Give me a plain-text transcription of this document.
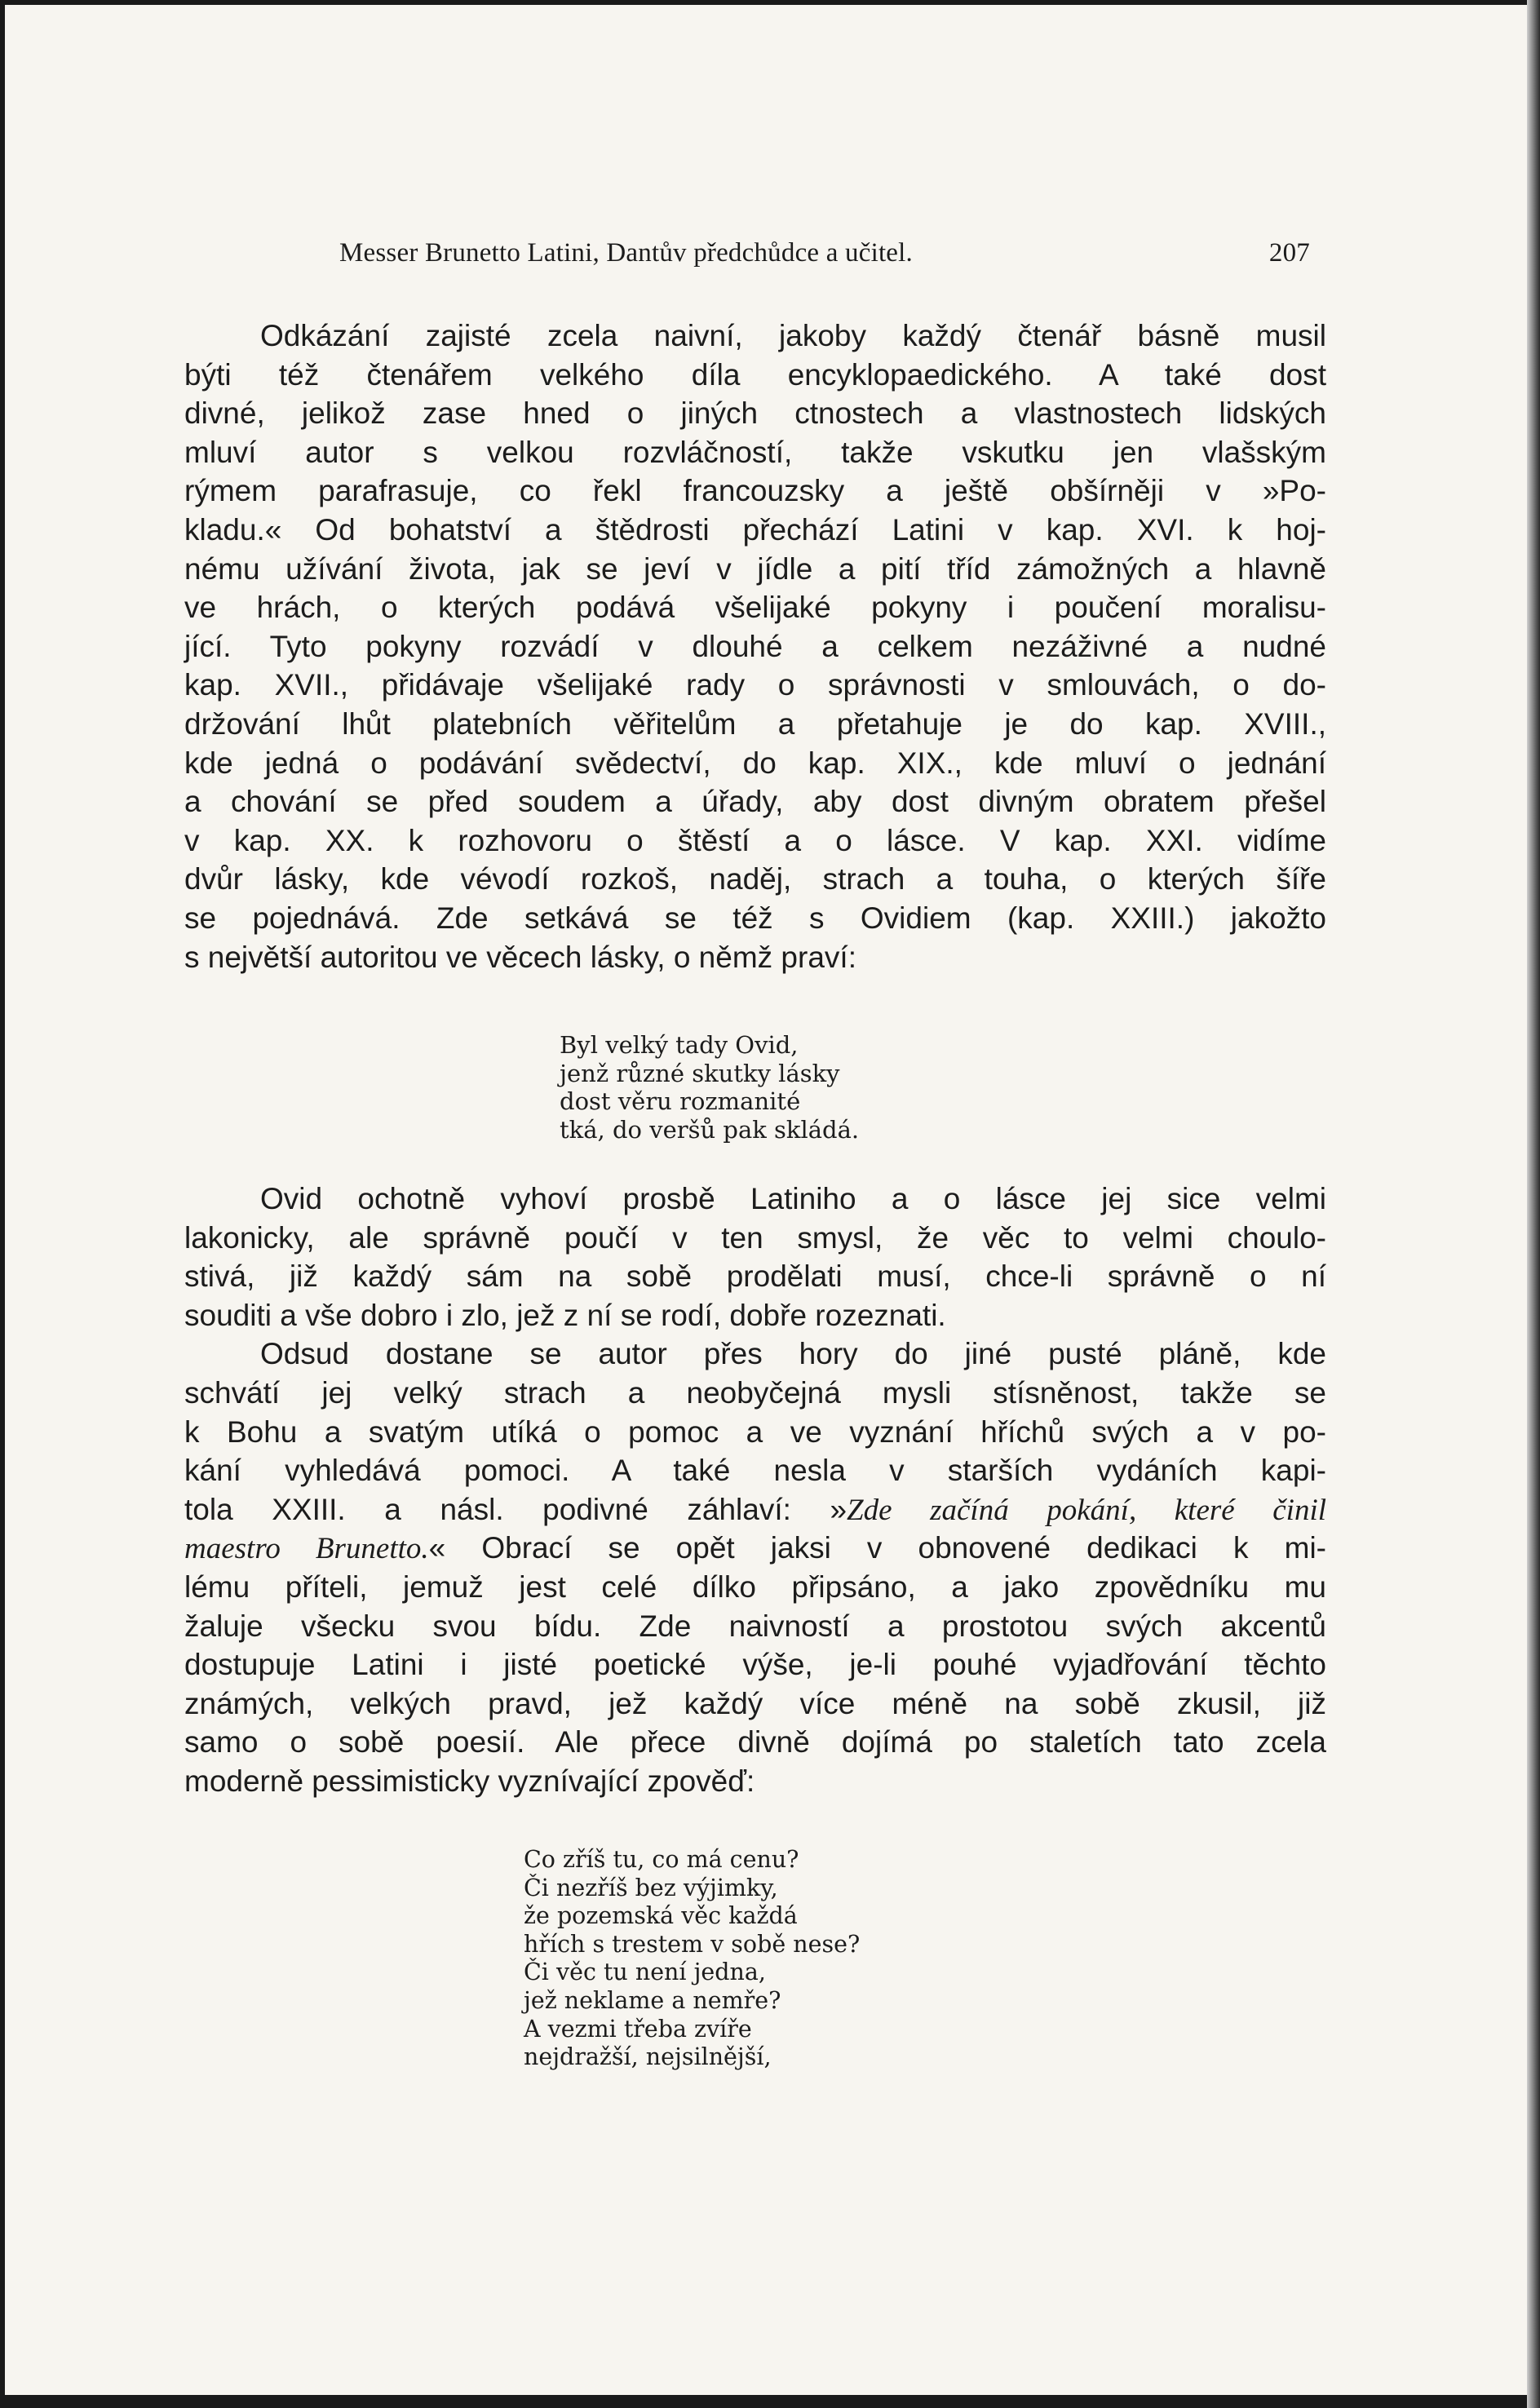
Messer Brunetto Latini, Dantův předchůdce a učitel.	207
Odkázání zajisté zcela naivní, jakoby každý čtenář básně musil
býti též čtenářem velkého díla encyklopaedického. A také dost
divné, jelikož zase hned o jiných ctnostech a vlastnostech lidských
mluví autor s velkou rozvláčností, takže vskutku jen vlašským
rýmem parafrasuje, co řekl francouzsky a ještě obšírněji v »Po-
kladu.« Od bohatství a štědrosti přechází Latini v kap. XVI. k hoj-
nému užívání života, jak se jeví v jídle a pití tříd zámožných a hlavně
ve hrách, o kterých podává všelijaké pokyny i poučení moralisu-
jící. Tyto pokyny rozvádí v dlouhé a celkem nezáživné a nudné
kap. XVII., přidávaje všelijaké rady o správnosti v smlouvách, o do-
držování lhůt platebních věřitelům a přetahuje je do kap. XVIII.,
kde jedná o podávání svědectví, do kap. XIX., kde mluví o jednání
a chování se před soudem a úřady, aby dost divným obratem přešel
v kap. XX. k rozhovoru o štěstí a o lásce. V kap. XXI. vidíme
dvůr lásky, kde vévodí rozkoš, naděj, strach a touha, o kterých šíře
se pojednává. Zde setkává se též s Ovidiem (kap. XXIII.) jakožto
s největší autoritou ve věcech lásky, o němž praví:
Byl velký tady Ovid,
jenž různé skutky lásky
dost věru rozmanité
tká, do veršů pak skládá.
Ovid ochotně vyhoví prosbě Latiniho a o lásce jej sice velmi
lakonicky, ale správně poučí v ten smysl, že věc to velmi choulo-
stivá, již každý sám na sobě prodělati musí, chce-li správně o ní
souditi a vše dobro i zlo, jež z ní se rodí, dobře rozeznati.
Odsud dostane se autor přes hory do jiné pusté pláně, kde
schvátí jej velký strach a neobyčejná mysli stísněnost, takže se
k Bohu a svatým utíká o pomoc a ve vyznání hříchů svých a v po-
kání vyhledává pomoci. A také nesla v starších vydáních kapi-
tola XXIII. a násl. podivné záhlaví: »Zde začíná pokání, které činil
maestro Brunetto.« Obrací se opět jaksi v obnovené dedikaci k mi-
lému příteli, jemuž jest celé dílko připsáno, a jako zpovědníku mu
žaluje všecku svou bídu. Zde naivností a prostotou svých akcentů
dostupuje Latini i jisté poetické výše, je-li pouhé vyjadřování těchto
známých, velkých pravd, jež každý více méně na sobě zkusil, již
samo o sobě poesií. Ale přece divně dojímá po staletích tato zcela
moderně pessimisticky vyznívající zpověď:
Co zříš tu, co má cenu?
Či nezříš bez výjimky,
že pozemská věc každá
hřích s trestem v sobě nese?
Či věc tu není jedna,
jež neklame a nemře?
A vezmi třeba zvíře
nejdražší, nejsilnější,
